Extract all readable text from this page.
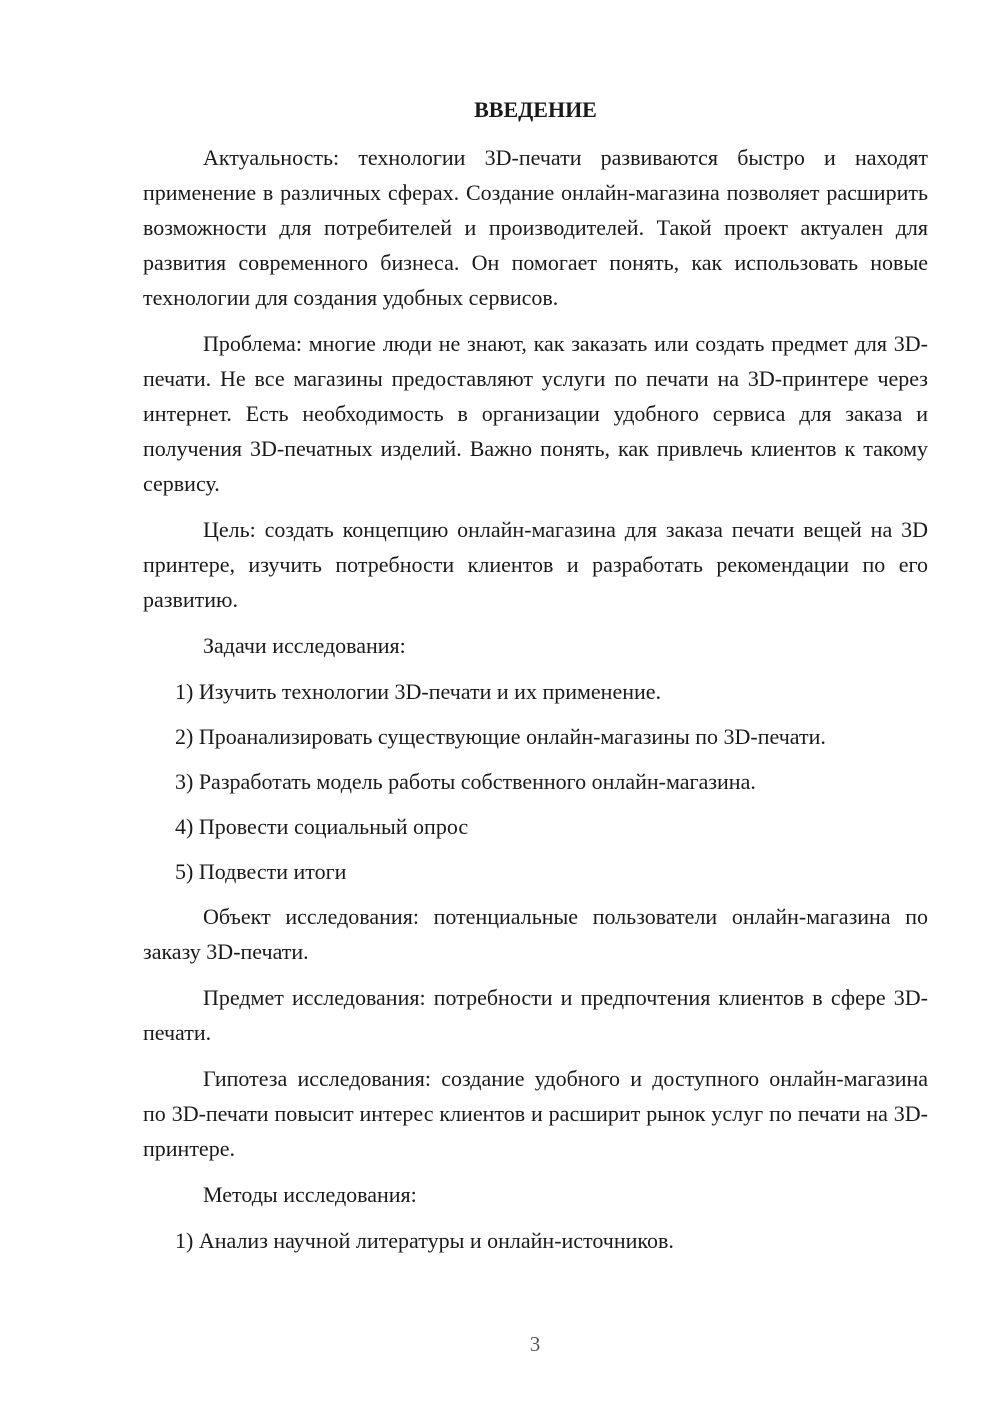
ВВЕДЕНИЕ

Актуальность: технологии 3D-печати развиваются быстро и находят применение в различных сферах. Создание онлайн-магазина позволяет расширить возможности для потребителей и производителей. Такой проект актуален для развития современного бизнеса. Он помогает понять, как использовать новые технологии для создания удобных сервисов.

Проблема: многие люди не знают, как заказать или создать предмет для 3D-печати. Не все магазины предоставляют услуги по печати на 3D-принтере через интернет. Есть необходимость в организации удобного сервиса для заказа и получения 3D-печатных изделий. Важно понять, как привлечь клиентов к такому сервису.

Цель: создать концепцию онлайн-магазина для заказа печати вещей на 3D принтере, изучить потребности клиентов и разработать рекомендации по его развитию.

Задачи исследования:

1) Изучить технологии 3D-печати и их применение.
2) Проанализировать существующие онлайн-магазины по 3D-печати.
3) Разработать модель работы собственного онлайн-магазина.
4) Провести социальный опрос
5) Подвести итоги

Объект исследования: потенциальные пользователи онлайн-магазина по заказу 3D-печати.

Предмет исследования: потребности и предпочтения клиентов в сфере 3D-печати.

Гипотеза исследования: создание удобного и доступного онлайн-магазина по 3D-печати повысит интерес клиентов и расширит рынок услуг по печати на 3D-принтере.

Методы исследования:

1) Анализ научной литературы и онлайн-источников.
3
